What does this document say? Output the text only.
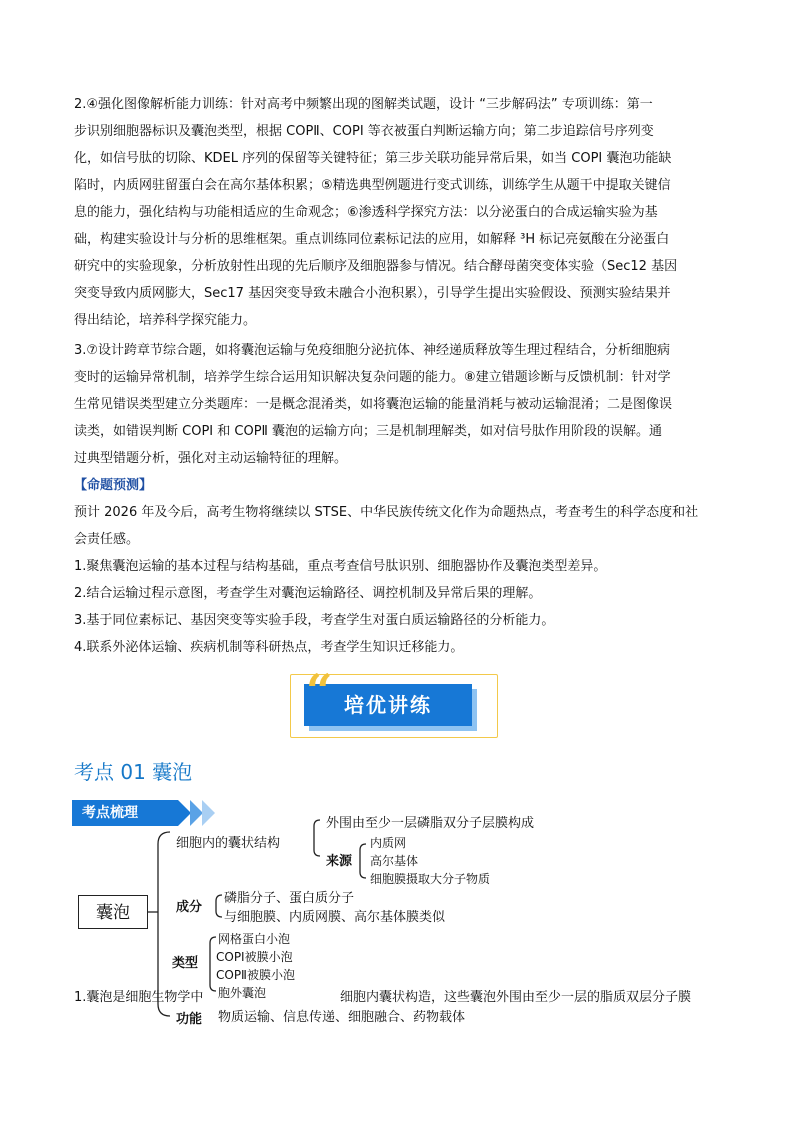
2.④强化图像解析能力训练：针对高考中频繁出现的图解类试题，设计 “三步解码法” 专项训练：第一
步识别细胞器标识及囊泡类型，根据 COPⅡ、COPⅠ 等衣被蛋白判断运输方向；第二步追踪信号序列变
化，如信号肽的切除、KDEL 序列的保留等关键特征；第三步关联功能异常后果，如当 COPⅠ 囊泡功能缺
陷时，内质网驻留蛋白会在高尔基体积累；⑤精选典型例题进行变式训练，训练学生从题干中提取关键信
息的能力，强化结构与功能相适应的生命观念；⑥渗透科学探究方法：以分泌蛋白的合成运输实验为基
础，构建实验设计与分析的思维框架。重点训练同位素标记法的应用，如解释 ³H 标记亮氨酸在分泌蛋白
研究中的实验现象，分析放射性出现的先后顺序及细胞器参与情况。结合酵母菌突变体实验（Sec12 基因
突变导致内质网膨大，Sec17 基因突变导致未融合小泡积累），引导学生提出实验假设、预测实验结果并
得出结论，培养科学探究能力。
3.⑦设计跨章节综合题，如将囊泡运输与免疫细胞分泌抗体、神经递质释放等生理过程结合，分析细胞病
变时的运输异常机制，培养学生综合运用知识解决复杂问题的能力。⑧建立错题诊断与反馈机制：针对学
生常见错误类型建立分类题库：一是概念混淆类，如将囊泡运输的能量消耗与被动运输混淆；二是图像误
读类，如错误判断 COPⅠ 和 COPⅡ 囊泡的运输方向；三是机制理解类，如对信号肽作用阶段的误解。通
过典型错题分析，强化对主动运输特征的理解。
【命题预测】
预计 2026 年及今后，高考生物将继续以 STSE、中华民族传统文化作为命题热点，考查考生的科学态度和社
会责任感。
1.聚焦囊泡运输的基本过程与结构基础，重点考查信号肽识别、细胞器协作及囊泡类型差异。
2.结合运输过程示意图，考查学生对囊泡运输路径、调控机制及异常后果的理解。
3.基于同位素标记、基因突变等实验手段，考查学生对蛋白质运输路径的分析能力。
4.联系外泌体运输、疾病机制等科研热点，考查学生知识迁移能力。
培优讲练
“
考点 01 囊泡
考点梳理
囊泡
细胞内的囊状结构
外围由至少一层磷脂双分子层膜构成
来源
内质网
高尔基体
细胞膜摄取大分子物质
成分
磷脂分子、蛋白质分子
与细胞膜、内质网膜、高尔基体膜类似
类型
网格蛋白小泡
COPⅠ被膜小泡
COPⅡ被膜小泡
胞外囊泡
1.囊泡是细胞生物学中	细胞内囊状构造，这些囊泡外围由至少一层的脂质双层分子膜
功能 物质运输、信息传递、细胞融合、药物载体
